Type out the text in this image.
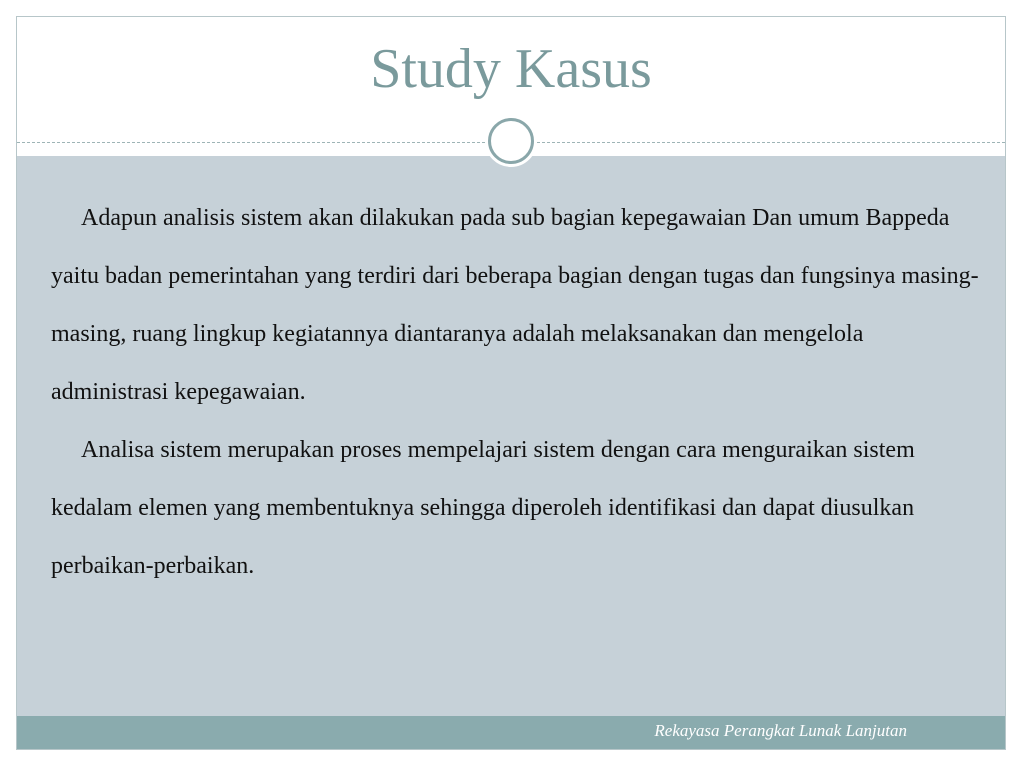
Study Kasus

Adapun analisis sistem akan dilakukan pada sub bagian kepegawaian Dan umum Bappeda yaitu badan pemerintahan yang terdiri dari beberapa bagian dengan tugas dan fungsinya masing-masing, ruang lingkup kegiatannya diantaranya adalah melaksanakan dan mengelola administrasi kepegawaian.

Analisa sistem merupakan proses mempelajari sistem dengan cara menguraikan sistem kedalam elemen yang membentuknya sehingga diperoleh identifikasi dan dapat diusulkan perbaikan-perbaikan.

Rekayasa Perangkat Lunak Lanjutan
